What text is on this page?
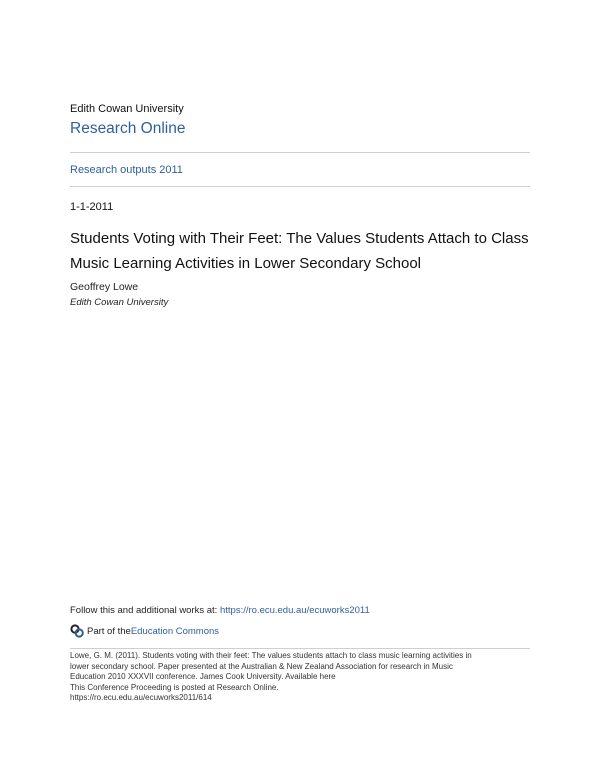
Edith Cowan University
Research Online
Research outputs 2011
1-1-2011
Students Voting with Their Feet: The Values Students Attach to Class Music Learning Activities in Lower Secondary School
Geoffrey Lowe
Edith Cowan University
Follow this and additional works at: https://ro.ecu.edu.au/ecuworks2011
Part of the Education Commons
Lowe, G. M. (2011). Students voting with their feet: The values students attach to class music learning activities in
lower secondary school. Paper presented at the Australian & New Zealand Association for research in Music
Education 2010 XXXVII conference. James Cook University. Available here
This Conference Proceeding is posted at Research Online.
https://ro.ecu.edu.au/ecuworks2011/614
